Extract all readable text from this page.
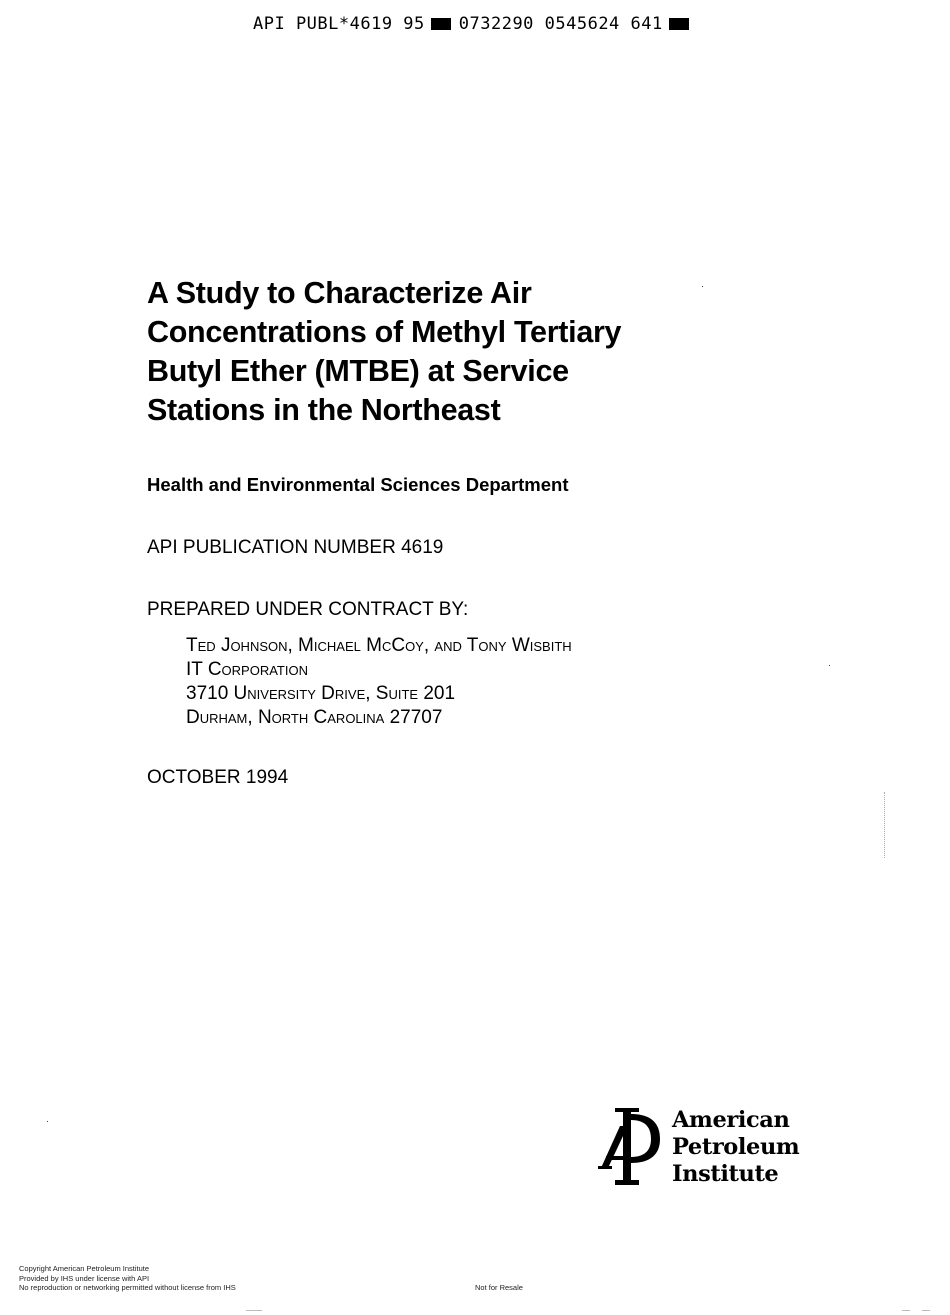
API PUBL*4619 95 0732290 0545624 641
A Study to Characterize Air
Concentrations of Methyl Tertiary
Butyl Ether (MTBE) at Service
Stations in the Northeast
Health and Environmental Sciences Department
API PUBLICATION NUMBER 4619
PREPARED UNDER CONTRACT BY:
Ted Johnson, Michael McCoy, and Tony Wisbith
IT Corporation
3710 University Drive, Suite 201
Durham, North Carolina 27707
OCTOBER 1994
American
Petroleum
Institute
Copyright American Petroleum Institute
Provided by IHS under license with API
No reproduction or networking permitted without license from IHS	Not for Resale
